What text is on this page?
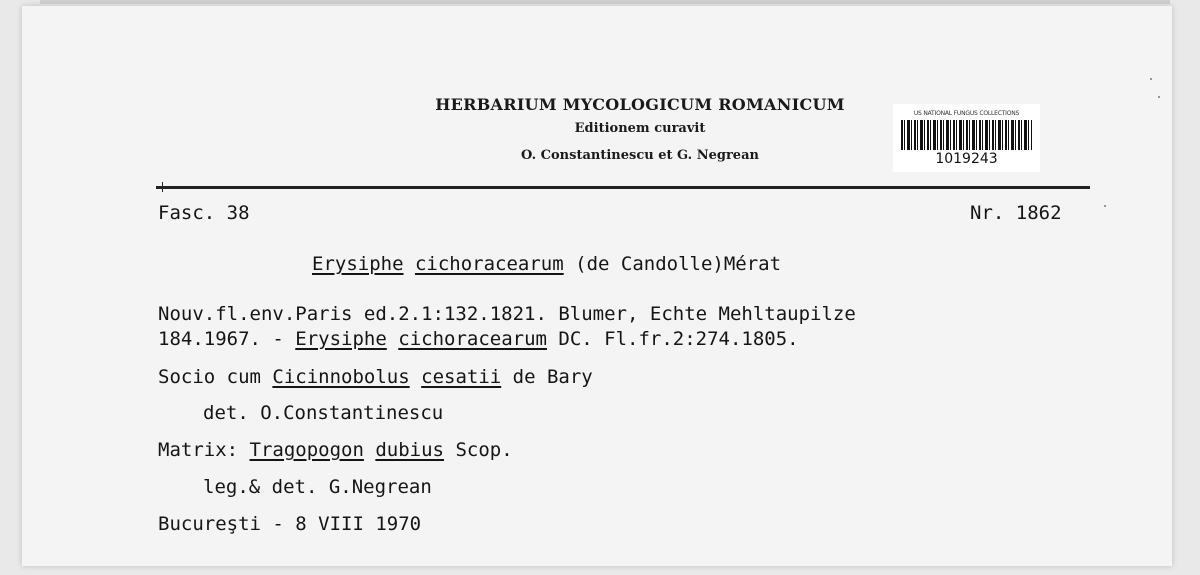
HERBARIUM MYCOLOGICUM ROMANICUM
Editionem curavit
O. Constantinescu et G. Negrean
US NATIONAL FUNGUS COLLECTIONS
1019243
Fasc. 38	Nr. 1862
Erysiphe cichoracearum (de Candolle)Mérat
Nouv.fl.env.Paris ed.2.1:132.1821. Blumer, Echte Mehltaupilze
184.1967. - Erysiphe cichoracearum DC. Fl.fr.2:274.1805.
Socio cum Cicinnobolus cesatii de Bary
det. O.Constantinescu
Matrix: Tragopogon dubius Scop.
leg.& det. G.Negrean
Bucureşti - 8 VIII 1970
